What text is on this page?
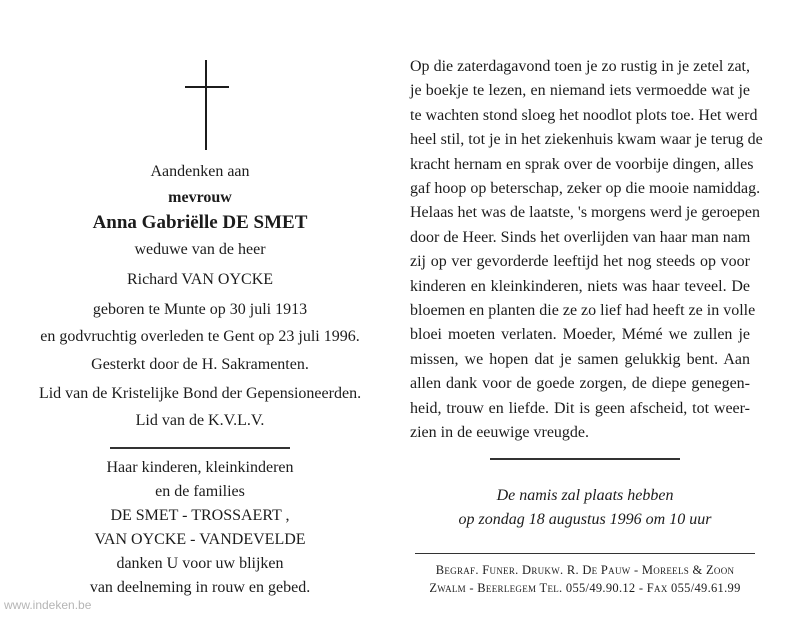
Aandenken aan
mevrouw
Anna Gabriëlle DE SMET
weduwe van de heer
Richard VAN OYCKE
geboren te Munte op 30 juli 1913
en godvruchtig overleden te Gent op 23 juli 1996.
Gesterkt door de H. Sakramenten.
Lid van de Kristelijke Bond der Gepensioneerden.
Lid van de K.V.L.V.
Haar kinderen, kleinkinderen
en de families
DE SMET - TROSSAERT ,
VAN OYCKE - VANDEVELDE
danken U voor uw blijken
van deelneming in rouw en gebed.
Op die zaterdagavond toen je zo rustig in je zetel zat,
je boekje te lezen, en niemand iets vermoedde wat je
te wachten stond sloeg het noodlot plots toe. Het werd
heel stil, tot je in het ziekenhuis kwam waar je terug de
kracht hernam en sprak over de voorbije dingen, alles
gaf hoop op beterschap, zeker op die mooie namiddag.
Helaas het was de laatste, 's morgens werd je geroepen
door de Heer. Sinds het overlijden van haar man nam
zij op ver gevorderde leeftijd het nog steeds op voor
kinderen en kleinkinderen, niets was haar teveel. De
bloemen en planten die ze zo lief had heeft ze in volle
bloei moeten verlaten. Moeder, Mémé we zullen je
missen, we hopen dat je samen gelukkig bent. Aan
allen dank voor de goede zorgen, de diepe genegen-
heid, trouw en liefde. Dit is geen afscheid, tot weer-
zien in de eeuwige vreugde.
De namis zal plaats hebben
op zondag 18 augustus 1996 om 10 uur
Begraf. Funer. Drukw. R. De Pauw - Moreels & Zoon
Zwalm - Beerlegem Tel. 055/49.90.12 - Fax 055/49.61.99
www.indeken.be
